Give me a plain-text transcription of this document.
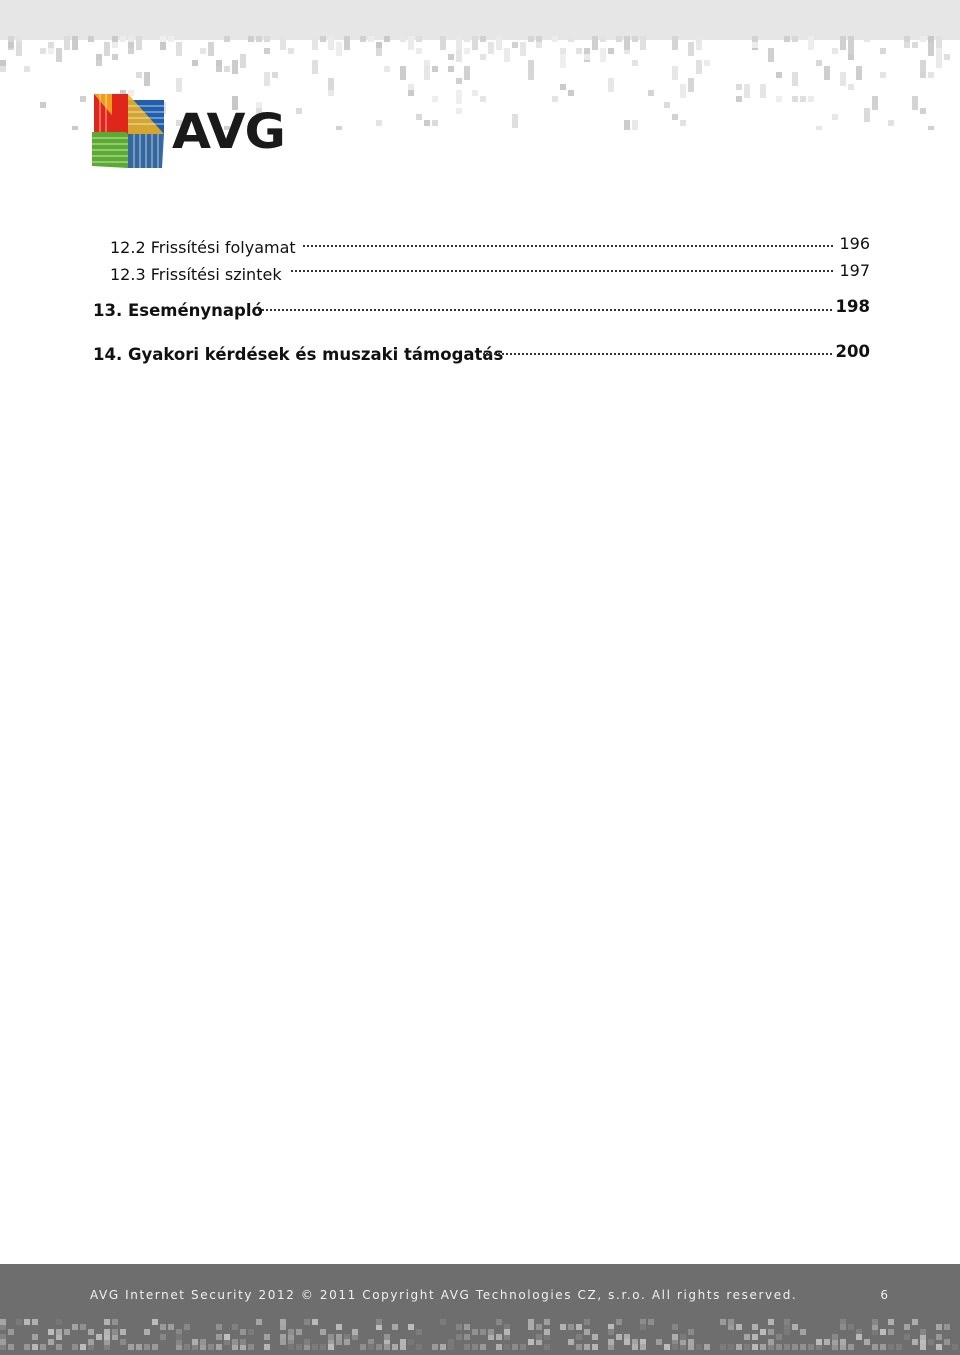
AVG
12.2 Frissítési folyamat	196
12.3 Frissítési szintek	197
13. Eseménynapló	198
14. Gyakori kérdések és muszaki támogatás	200
AVG Internet Security 2012 © 2011 Copyright AVG Technologies CZ, s.r.o. All rights reserved.	6
